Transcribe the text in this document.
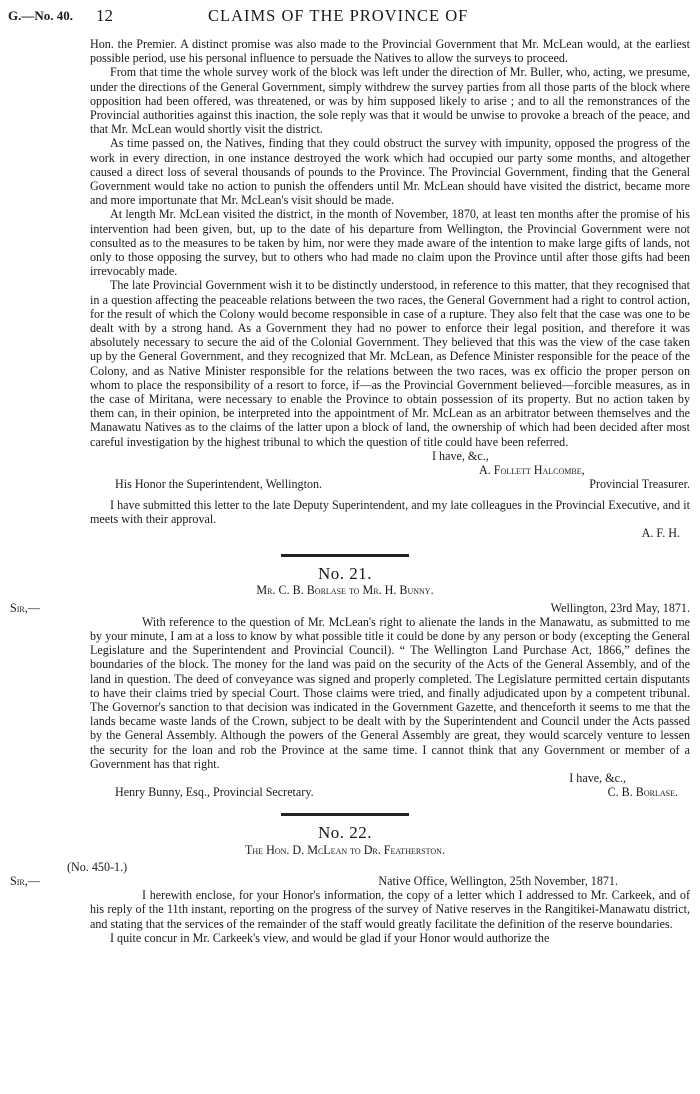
G.—No. 40. 12	CLAIMS OF THE PROVINCE OF

Hon. the Premier. A distinct promise was also made to the Provincial Government that Mr. McLean would, at the earliest possible period, use his personal influence to persuade the Natives to allow the surveys to proceed.

From that time the whole survey work of the block was left under the direction of Mr. Buller, who, acting, we presume, under the directions of the General Government, simply withdrew the survey parties from all those parts of the block where opposition had been offered, was threatened, or was by him supposed likely to arise ; and to all the remonstrances of the Provincial authorities against this inaction, the sole reply was that it would be unwise to provoke a breach of the peace, and that Mr. McLean would shortly visit the district.

As time passed on, the Natives, finding that they could obstruct the survey with impunity, opposed the progress of the work in every direction, in one instance destroyed the work which had occupied our party some months, and altogether caused a direct loss of several thousands of pounds to the Province. The Provincial Government, finding that the General Government would take no action to punish the offenders until Mr. McLean should have visited the district, became more and more importunate that Mr. McLean's visit should be made.

At length Mr. McLean visited the district, in the month of November, 1870, at least ten months after the promise of his intervention had been given, but, up to the date of his departure from Wellington, the Provincial Government were not consulted as to the measures to be taken by him, nor were they made aware of the intention to make large gifts of lands, not only to those opposing the survey, but to others who had made no claim upon the Province until after those gifts had been irrevocably made.

The late Provincial Government wish it to be distinctly understood, in reference to this matter, that they recognised that in a question affecting the peaceable relations between the two races, the General Government had a right to control action, for the result of which the Colony would become responsible in case of a rupture. They also felt that the case was one to be dealt with by a strong hand. As a Government they had no power to enforce their legal position, and therefore it was absolutely necessary to secure the aid of the Colonial Government. They believed that this was the view of the case taken up by the General Government, and they recognized that Mr. McLean, as Defence Minister responsible for the peace of the Colony, and as Native Minister responsible for the relations between the two races, was ex officio the proper person on whom to place the responsibility of a resort to force, if—as the Provincial Government believed—forcible measures, as in the case of Miritana, were necessary to enable the Province to obtain possession of its property. But no action taken by them can, in their opinion, be interpreted into the appointment of Mr. McLean as an arbitrator between themselves and the Manawatu Natives as to the claims of the latter upon a block of land, the ownership of which had been decided after most careful investigation by the highest tribunal to which the question of title could have been referred.

I have, &c.,

A. Follett Halcombe,

His Honor the Superintendent, Wellington.	Provincial Treasurer.

I have submitted this letter to the late Deputy Superintendent, and my late colleagues in the Provincial Executive, and it meets with their approval.

A. F. H.

No. 21.

Mr. C. B. Borlase to Mr. H. Bunny.

Sir,—	Wellington, 23rd May, 1871.

With reference to the question of Mr. McLean's right to alienate the lands in the Manawatu, as submitted to me by your minute, I am at a loss to know by what possible title it could be done by any person or body (excepting the General Legislature and the Superintendent and Provincial Council). “ The Wellington Land Purchase Act, 1866,” defines the boundaries of the block. The money for the land was paid on the security of the Acts of the General Assembly, and of the land in question. The deed of conveyance was signed and properly completed. The Legislature permitted certain disputants to have their claims tried by special Court. Those claims were tried, and finally adjudicated upon by a competent tribunal. The Governor's sanction to that decision was indicated in the Government Gazette, and thenceforth it seems to me that the lands became waste lands of the Crown, subject to be dealt with by the Superintendent and Council under the Acts passed by the General Assembly. Although the powers of the General Assembly are great, they would scarcely venture to lessen the security for the loan and rob the Province at the same time. I cannot think that any Government or member of a Government has that right.

I have, &c.,

Henry Bunny, Esq., Provincial Secretary.	C. B. Borlase.

No. 22.

The Hon. D. McLean to Dr. Featherston.

(No. 450-1.)

Sir,—	Native Office, Wellington, 25th November, 1871.

I herewith enclose, for your Honor's information, the copy of a letter which I addressed to Mr. Carkeek, and of his reply of the 11th instant, reporting on the progress of the survey of Native reserves in the Rangitikei-Manawatu district, and stating that the services of the remainder of the staff would greatly facilitate the definition of the reserve boundaries.

I quite concur in Mr. Carkeek's view, and would be glad if your Honor would authorize the
